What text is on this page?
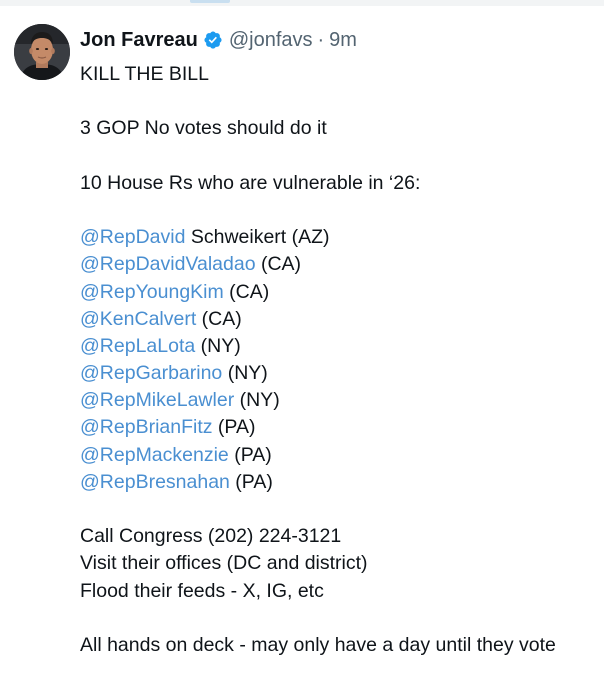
Jon Favreau @jonfavs · 9m
KILL THE BILL
3 GOP No votes should do it
10 House Rs who are vulnerable in ‘26:
@RepDavid Schweikert (AZ)
@RepDavidValadao (CA)
@RepYoungKim (CA)
@KenCalvert (CA)
@RepLaLota (NY)
@RepGarbarino (NY)
@RepMikeLawler (NY)
@RepBrianFitz (PA)
@RepMackenzie (PA)
@RepBresnahan (PA)
Call Congress (202) 224-3121
Visit their offices (DC and district)
Flood their feeds - X, IG, etc
All hands on deck - may only have a day until they vote
